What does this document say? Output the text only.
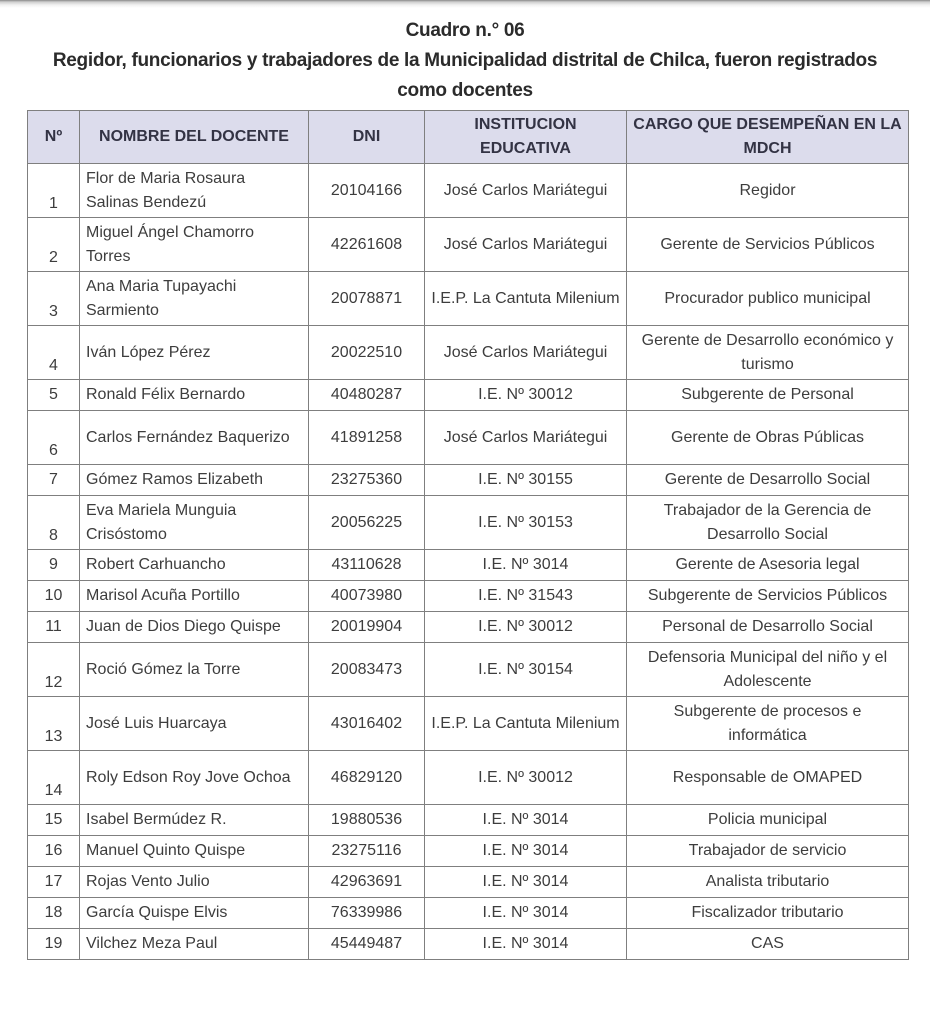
Cuadro n.° 06
Regidor, funcionarios y trabajadores de la Municipalidad distrital de Chilca, fueron registrados
como docentes
Nº	NOMBRE DEL DOCENTE	DNI	INSTITUCION EDUCATIVA	CARGO QUE DESEMPEÑAN EN LA MDCH
1	Flor de Maria Rosaura Salinas Bendezú	20104166	José Carlos Mariátegui	Regidor
2	Miguel Ángel Chamorro Torres	42261608	José Carlos Mariátegui	Gerente de Servicios Públicos
3	Ana Maria Tupayachi Sarmiento	20078871	I.E.P. La Cantuta Milenium	Procurador publico municipal
4	Iván López Pérez	20022510	José Carlos Mariátegui	Gerente de Desarrollo económico y turismo
5	Ronald Félix Bernardo	40480287	I.E. Nº 30012	Subgerente de Personal
6	Carlos Fernández Baquerizo	41891258	José Carlos Mariátegui	Gerente de Obras Públicas
7	Gómez Ramos Elizabeth	23275360	I.E. Nº 30155	Gerente de Desarrollo Social
8	Eva Mariela Munguia Crisóstomo	20056225	I.E. Nº 30153	Trabajador de la Gerencia de Desarrollo Social
9	Robert Carhuancho	43110628	I.E. Nº 3014	Gerente de Asesoria legal
10	Marisol Acuña Portillo	40073980	I.E. Nº 31543	Subgerente de Servicios Públicos
11	Juan de Dios Diego Quispe	20019904	I.E. Nº 30012	Personal de Desarrollo Social
12	Roció Gómez la Torre	20083473	I.E. Nº 30154	Defensoria Municipal del niño y el Adolescente
13	José Luis Huarcaya	43016402	I.E.P. La Cantuta Milenium	Subgerente de procesos e informática
14	Roly Edson Roy Jove Ochoa	46829120	I.E. Nº 30012	Responsable de OMAPED
15	Isabel Bermúdez R.	19880536	I.E. Nº 3014	Policia municipal
16	Manuel Quinto Quispe	23275116	I.E. Nº 3014	Trabajador de servicio
17	Rojas Vento Julio	42963691	I.E. Nº 3014	Analista tributario
18	García Quispe Elvis	76339986	I.E. Nº 3014	Fiscalizador tributario
19	Vilchez Meza Paul	45449487	I.E. Nº 3014	CAS
